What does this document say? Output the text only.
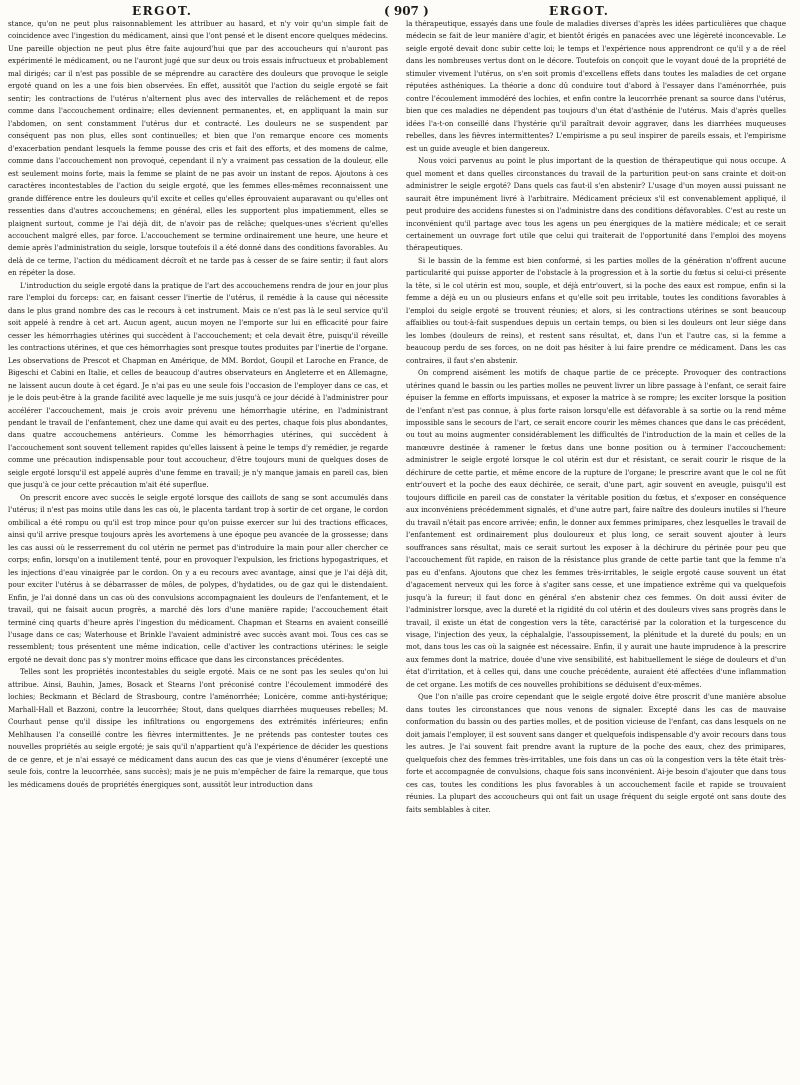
ERGOT.	( 907 )	ERGOT.

stance, qu'on ne peut plus raisonnablement les attribuer au hasard, et n'y voir qu'un simple fait de coincidence avec l'ingestion du médicament, ainsi que l'ont pensé et le disent encore quelques médecins. Une pareille objection ne peut plus être faite aujourd'hui que par des accoucheurs qui n'auront pas expérimenté le médicament, ou ne l'auront jugé que sur deux ou trois essais infructueux et probablement mal dirigés; car il n'est pas possible de se méprendre au caractère des douleurs que provoque le seigle ergoté quand on les a une fois bien observées. En effet, aussitôt que l'action du seigle ergoté se fait sentir; les contractions de l'utérus n'alternent plus avec des intervalles de relâchement et de repos comme dans l'accouchement ordinaire; elles deviennent permanentes, et, en appliquant la main sur l'abdomen, on sent constamment l'utérus dur et contracté. Les douleurs ne se suspendent par conséquent pas non plus, elles sont continuelles; et bien que l'on remarque encore ces moments d'exacerbation pendant lesquels la femme pousse des cris et fait des efforts, et des momens de calme, comme dans l'accouchement non provoqué, cependant il n'y a vraiment pas cessation de la douleur, elle est seulement moins forte, mais la femme se plaint de ne pas avoir un instant de repos. Ajoutons à ces caractères incontestables de l'action du seigle ergoté, que les femmes elles-mêmes reconnaissent une grande différence entre les douleurs qu'il excite et celles qu'elles éprouvaient auparavant ou qu'elles ont ressenties dans d'autres accouchemens; en général, elles les supportent plus impatiemment, elles se plaignent surtout, comme je l'ai déjà dit, de n'avoir pas de relâche; quelques-unes s'écrient qu'elles accouchent malgré elles, par force. L'accouchement se termine ordinairement une heure, une heure et demie après l'administration du seigle, lorsque toutefois il a été donné dans des conditions favorables. Au delà de ce terme, l'action du médicament décroît et ne tarde pas à cesser de se faire sentir; il faut alors en répéter la dose.

L'introduction du seigle ergoté dans la pratique de l'art des accouchemens rendra de jour en jour plus rare l'emploi du forceps: car, en faisant cesser l'inertie de l'utérus, il remédie à la cause qui nécessite dans le plus grand nombre des cas le recours à cet instrument. Mais ce n'est pas là le seul service qu'il soit appelé à rendre à cet art. Aucun agent, aucun moyen ne l'emporte sur lui en efficacité pour faire cesser les hémorrhagies utérines qui succèdent à l'accouchement; et cela devait être, puisqu'il réveille les contractions utérines, et que ces hémorrhagies sont presque toutes produites par l'inertie de l'organe. Les observations de Prescot et Chapman en Amérique, de MM. Bordot, Goupil et Laroche en France, de Bigeschi et Cabini en Italie, et celles de beaucoup d'autres observateurs en Angleterre et en Allemagne, ne laissent aucun doute à cet égard. Je n'ai pas eu une seule fois l'occasion de l'employer dans ce cas, et je le dois peut-être à la grande facilité avec laquelle je me suis jusqu'à ce jour décidé à l'administrer pour accélérer l'accouchement, mais je crois avoir prévenu une hémorrhagie utérine, en l'administrant pendant le travail de l'enfantement, chez une dame qui avait eu des pertes, chaque fois plus abondantes, dans quatre accouchemens antérieurs. Comme les hémorrhagies utérines, qui succèdent à l'accouchement sont souvent tellement rapides qu'elles laissent à peine le temps d'y remédier, je regarde comme une précaution indispensable pour tout accoucheur, d'être toujours muni de quelques doses de seigle ergoté lorsqu'il est appelé auprès d'une femme en travail; je n'y manque jamais en pareil cas, bien que jusqu'à ce jour cette précaution m'ait été superflue.

On prescrit encore avec succès le seigle ergoté lorsque des caillots de sang se sont accumulés dans l'utérus; il n'est pas moins utile dans les cas où, le placenta tardant trop à sortir de cet organe, le cordon ombilical a été rompu ou qu'il est trop mince pour qu'on puisse exercer sur lui des tractions efficaces, ainsi qu'il arrive presque toujours après les avortemens à une époque peu avancée de la grossesse; dans les cas aussi où le resserrement du col utérin ne permet pas d'introduire la main pour aller chercher ce corps; enfin, lorsqu'on a inutilement tenté, pour en provoquer l'expulsion, les frictions hypogastriques, et les injections d'eau vinaigrée par le cordon. On y a eu recours avec avantage, ainsi que je l'ai déjà dit, pour exciter l'utérus à se débarrasser de môles, de polypes, d'hydatides, ou de gaz qui le distendaient. Enfin, je l'ai donné dans un cas où des convulsions accompagnaient les douleurs de l'enfantement, et le travail, qui ne faisait aucun progrès, a marché dès lors d'une manière rapide; l'accouchement était terminé cinq quarts d'heure après l'ingestion du médicament. Chapman et Stearns en avaient conseillé l'usage dans ce cas; Waterhouse et Brinkle l'avaient administré avec succès avant moi. Tous ces cas se ressemblent; tous présentent une même indication, celle d'activer les contractions utérines: le seigle ergoté ne devait donc pas s'y montrer moins efficace que dans les circonstances précédentes.

Telles sont les propriétés incontestables du seigle ergoté. Mais ce ne sont pas les seules qu'on lui attribue. Ainsi, Bauhin, James, Bosack et Stearns l'ont préconisé contre l'écoulement immodéré des lochies; Beckmann et Béclard de Strasbourg, contre l'aménorrhée; Lonicère, comme anti-hystérique; Marhall-Hall et Bazzoni, contre la leucorrhée; Stout, dans quelques diarrhées muqueuses rebelles; M. Courhaut pense qu'il dissipe les infiltrations ou engorgemens des extrémités inférieures; enfin Mehlhausen l'a conseillé contre les fièvres intermittentes. Je ne prétends pas contester toutes ces nouvelles propriétés au seigle ergoté; je sais qu'il n'appartient qu'à l'expérience de décider les questions de ce genre, et je n'ai essayé ce médicament dans aucun des cas que je viens d'énumérer (excepté une seule fois, contre la leucorrhée, sans succès); mais je ne puis m'empêcher de faire la remarque, que tous les médicamens doués de propriétés énergiques sont, aussitôt leur introduction dans

la thérapeutique, essayés dans une foule de maladies diverses d'après les idées particulières que chaque médecin se fait de leur manière d'agir, et bientôt érigés en panacées avec une légèreté inconcevable. Le seigle ergoté devait donc subir cette loi; le temps et l'expérience nous apprendront ce qu'il y a de réel dans les nombreuses vertus dont on le décore. Toutefois on conçoit que le voyant doué de la propriété de stimuler vivement l'utérus, on s'en soit promis d'excellens effets dans toutes les maladies de cet organe réputées asthéniques. La théorie a donc dû conduire tout d'abord à l'essayer dans l'aménorrhée, puis contre l'écoulement immodéré des lochies, et enfin contre la leucorrhée prenant sa source dans l'utérus, bien que ces maladies ne dépendent pas toujours d'un état d'asthénie de l'utérus. Mais d'après quelles idées l'a-t-on conseillé dans l'hystérie qu'il paraîtrait devoir aggraver, dans les diarrhées muqueuses rebelles, dans les fièvres intermittentes? L'empirisme a pu seul inspirer de pareils essais, et l'empirisme est un guide aveugle et bien dangereux.

Nous voici parvenus au point le plus important de la question de thérapeutique qui nous occupe. A quel moment et dans quelles circonstances du travail de la parturition peut-on sans crainte et doit-on administrer le seigle ergoté? Dans quels cas faut-il s'en abstenir? L'usage d'un moyen aussi puissant ne saurait être impunément livré à l'arbitraire. Médicament précieux s'il est convenablement appliqué, il peut produire des accidens funestes si on l'administre dans des conditions défavorables. C'est au reste un inconvénient qu'il partage avec tous les agens un peu énergiques de la matière médicale; et ce serait certainement un ouvrage fort utile que celui qui traiterait de l'opportunité dans l'emploi des moyens thérapeutiques.

Si le bassin de la femme est bien conformé, si les parties molles de la génération n'offrent aucune particularité qui puisse apporter de l'obstacle à la progression et à la sortie du fœtus si celui-ci présente la tête, si le col utérin est mou, souple, et déjà entr'ouvert, si la poche des eaux est rompue, enfin si la femme a déjà eu un ou plusieurs enfans et qu'elle soit peu irritable, toutes les conditions favorables à l'emploi du seigle ergoté se trouvent réunies; et alors, si les contractions utérines se sont beaucoup affaiblies ou tout-à-fait suspendues depuis un certain temps, ou bien si les douleurs ont leur siége dans les lombes (douleurs de reins), et restent sans résultat, et, dans l'un et l'autre cas, si la femme a beaucoup perdu de ses forces, on ne doit pas hésiter à lui faire prendre ce médicament. Dans les cas contraires, il faut s'en abstenir.

On comprend aisément les motifs de chaque partie de ce précepte. Provoquer des contractions utérines quand le bassin ou les parties molles ne peuvent livrer un libre passage à l'enfant, ce serait faire épuiser la femme en efforts impuissans, et exposer la matrice à se rompre; les exciter lorsque la position de l'enfant n'est pas connue, à plus forte raison lorsqu'elle est défavorable à sa sortie ou la rend même impossible sans le secours de l'art, ce serait encore courir les mêmes chances que dans le cas précédent, ou tout au moins augmenter considérablement les difficultés de l'introduction de la main et celles de la manœuvre destinée à ramener le fœtus dans une bonne position ou à terminer l'accouchement: administrer le seigle ergoté lorsque le col utérin est dur et résistant, ce serait courir le risque de la déchirure de cette partie, et même encore de la rupture de l'organe; le prescrire avant que le col ne fût entr'ouvert et la poche des eaux déchirée, ce serait, d'une part, agir souvent en aveugle, puisqu'il est toujours difficile en pareil cas de constater la véritable position du fœtus, et s'exposer en conséquence aux inconvéniens précédemment signalés, et d'une autre part, faire naître des douleurs inutiles si l'heure du travail n'était pas encore arrivée; enfin, le donner aux femmes primipares, chez lesquelles le travail de l'enfantement est ordinairement plus douloureux et plus long, ce serait souvent ajouter à leurs souffrances sans résultat, mais ce serait surtout les exposer à la déchirure du périnée pour peu que l'accouchement fût rapide, en raison de la résistance plus grande de cette partie tant que la femme n'a pas eu d'enfans. Ajoutons que chez les femmes très-irritables, le seigle ergoté cause souvent un état d'agacement nerveux qui les force à s'agiter sans cesse, et une impatience extrême qui va quelquefois jusqu'à la fureur; il faut donc en général s'en abstenir chez ces femmes. On doit aussi éviter de l'administrer lorsque, avec la dureté et la rigidité du col utérin et des douleurs vives sans progrès dans le travail, il existe un état de congestion vers la tête, caractérisé par la coloration et la turgescence du visage, l'injection des yeux, la céphalalgie, l'assoupissement, la plénitude et la dureté du pouls; en un mot, dans tous les cas où la saignée est nécessaire. Enfin, il y aurait une haute imprudence à la prescrire aux femmes dont la matrice, douée d'une vive sensibilité, est habituellement le siége de douleurs et d'un état d'irritation, et à celles qui, dans une couche précédente, auraient été affectées d'une inflammation de cet organe. Les motifs de ces nouvelles prohibitions se déduisent d'eux-mêmes.

Que l'on n'aille pas croire cependant que le seigle ergoté doive être proscrit d'une manière absolue dans toutes les circonstances que nous venons de signaler. Excepté dans les cas de mauvaise conformation du bassin ou des parties molles, et de position vicieuse de l'enfant, cas dans lesquels on ne doit jamais l'employer, il est souvent sans danger et quelquefois indispensable d'y avoir recours dans tous les autres. Je l'ai souvent fait prendre avant la rupture de la poche des eaux, chez des primipares, quelquefois chez des femmes très-irritables, une fois dans un cas où la congestion vers la tête était très-forte et accompagnée de convulsions, chaque fois sans inconvénient. Ai-je besoin d'ajouter que dans tous ces cas, toutes les conditions les plus favorables à un accouchement facile et rapide se trouvaient réunies. La plupart des accoucheurs qui ont fait un usage fréquent du seigle ergoté ont sans doute des faits semblables à citer.
